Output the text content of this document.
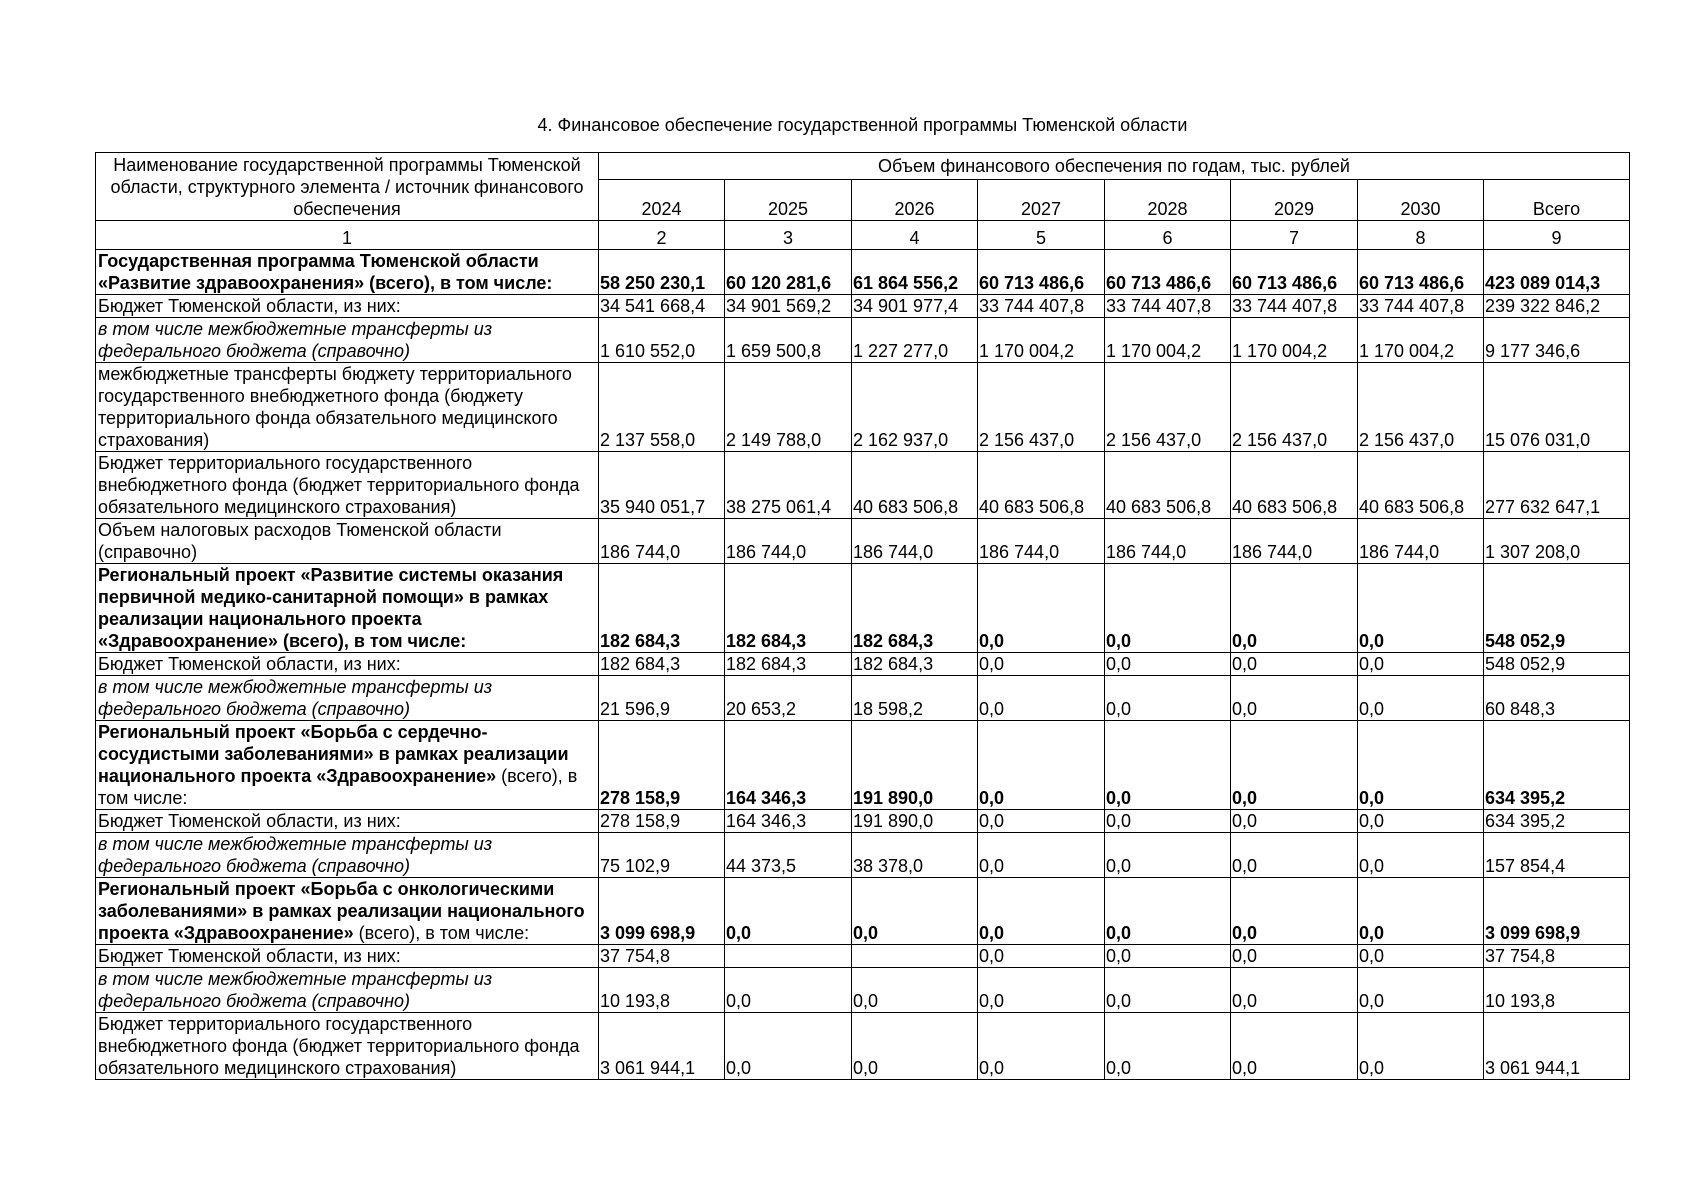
4. Финансовое обеспечение государственной программы Тюменской области
Наименование государственной программы Тюменской области, структурного элемента / источник финансового обеспечения	Объем финансового обеспечения по годам, тыс. рублей							
	2024	2025	2026	2027	2028	2029	2030	Всего
1	2	3	4	5	6	7	8	9
Государственная программа Тюменской области «Развитие здравоохранения» (всего), в том числе:	58 250 230,1	60 120 281,6	61 864 556,2	60 713 486,6	60 713 486,6	60 713 486,6	60 713 486,6	423 089 014,3
Бюджет Тюменской области, из них:	34 541 668,4	34 901 569,2	34 901 977,4	33 744 407,8	33 744 407,8	33 744 407,8	33 744 407,8	239 322 846,2
в том числе межбюджетные трансферты из федерального бюджета (справочно)	1 610 552,0	1 659 500,8	1 227 277,0	1 170 004,2	1 170 004,2	1 170 004,2	1 170 004,2	9 177 346,6
межбюджетные трансферты бюджету территориального государственного внебюджетного фонда (бюджету территориального фонда обязательного медицинского страхования)	2 137 558,0	2 149 788,0	2 162 937,0	2 156 437,0	2 156 437,0	2 156 437,0	2 156 437,0	15 076 031,0
Бюджет территориального государственного внебюджетного фонда (бюджет территориального фонда обязательного медицинского страхования)	35 940 051,7	38 275 061,4	40 683 506,8	40 683 506,8	40 683 506,8	40 683 506,8	40 683 506,8	277 632 647,1
Объем налоговых расходов Тюменской области (справочно)	186 744,0	186 744,0	186 744,0	186 744,0	186 744,0	186 744,0	186 744,0	1 307 208,0
Региональный проект «Развитие системы оказания первичной медико-санитарной помощи» в рамках реализации национального проекта «Здравоохранение» (всего), в том числе:	182 684,3	182 684,3	182 684,3	0,0	0,0	0,0	0,0	548 052,9
Бюджет Тюменской области, из них:	182 684,3	182 684,3	182 684,3	0,0	0,0	0,0	0,0	548 052,9
в том числе межбюджетные трансферты из федерального бюджета (справочно)	21 596,9	20 653,2	18 598,2	0,0	0,0	0,0	0,0	60 848,3
Региональный проект «Борьба с сердечно-сосудистыми заболеваниями» в рамках реализации национального проекта «Здравоохранение» (всего), в том числе:	278 158,9	164 346,3	191 890,0	0,0	0,0	0,0	0,0	634 395,2
Бюджет Тюменской области, из них:	278 158,9	164 346,3	191 890,0	0,0	0,0	0,0	0,0	634 395,2
в том числе межбюджетные трансферты из федерального бюджета (справочно)	75 102,9	44 373,5	38 378,0	0,0	0,0	0,0	0,0	157 854,4
Региональный проект «Борьба с онкологическими заболеваниями» в рамках реализации национального проекта «Здравоохранение» (всего), в том числе:	3 099 698,9	0,0	0,0	0,0	0,0	0,0	0,0	3 099 698,9
Бюджет Тюменской области, из них:	37 754,8			0,0	0,0	0,0	0,0	37 754,8
в том числе межбюджетные трансферты из федерального бюджета (справочно)	10 193,8	0,0	0,0	0,0	0,0	0,0	0,0	10 193,8
Бюджет территориального государственного внебюджетного фонда (бюджет территориального фонда обязательного медицинского страхования)	3 061 944,1	0,0	0,0	0,0	0,0	0,0	0,0	3 061 944,1
